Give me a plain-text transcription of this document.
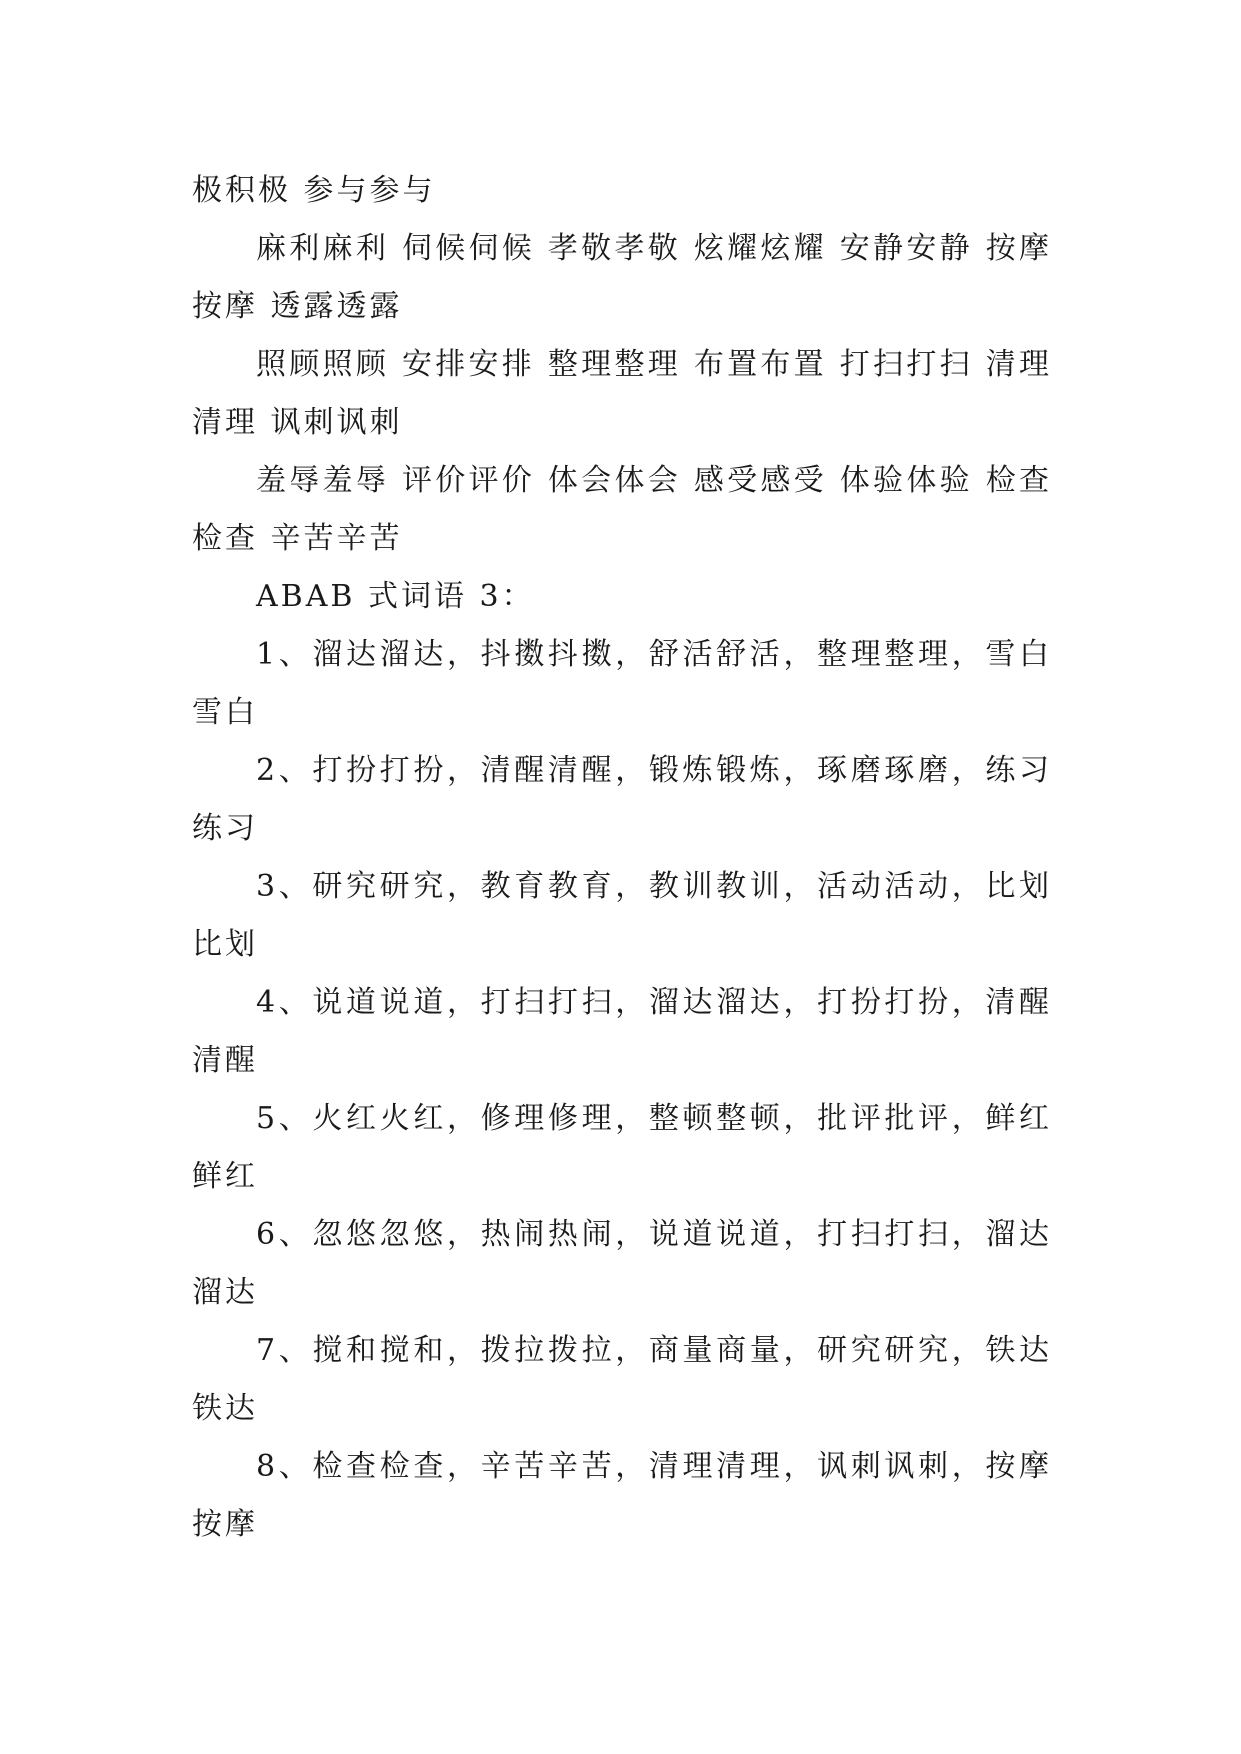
极积极 参与参与

麻利麻利 伺候伺候 孝敬孝敬 炫耀炫耀 安静安静 按摩按摩 透露透露

照顾照顾 安排安排 整理整理 布置布置 打扫打扫 清理清理 讽刺讽刺

羞辱羞辱 评价评价 体会体会 感受感受 体验体验 检查检查 辛苦辛苦

ABAB 式词语 3：

1、溜达溜达，抖擞抖擞，舒活舒活，整理整理，雪白雪白

2、打扮打扮，清醒清醒，锻炼锻炼，琢磨琢磨，练习练习

3、研究研究，教育教育，教训教训，活动活动，比划比划

4、说道说道，打扫打扫，溜达溜达，打扮打扮，清醒清醒

5、火红火红，修理修理，整顿整顿，批评批评，鲜红鲜红

6、忽悠忽悠，热闹热闹，说道说道，打扫打扫，溜达溜达

7、搅和搅和，拨拉拨拉，商量商量，研究研究，铁达铁达

8、检查检查，辛苦辛苦，清理清理，讽刺讽刺，按摩按摩
